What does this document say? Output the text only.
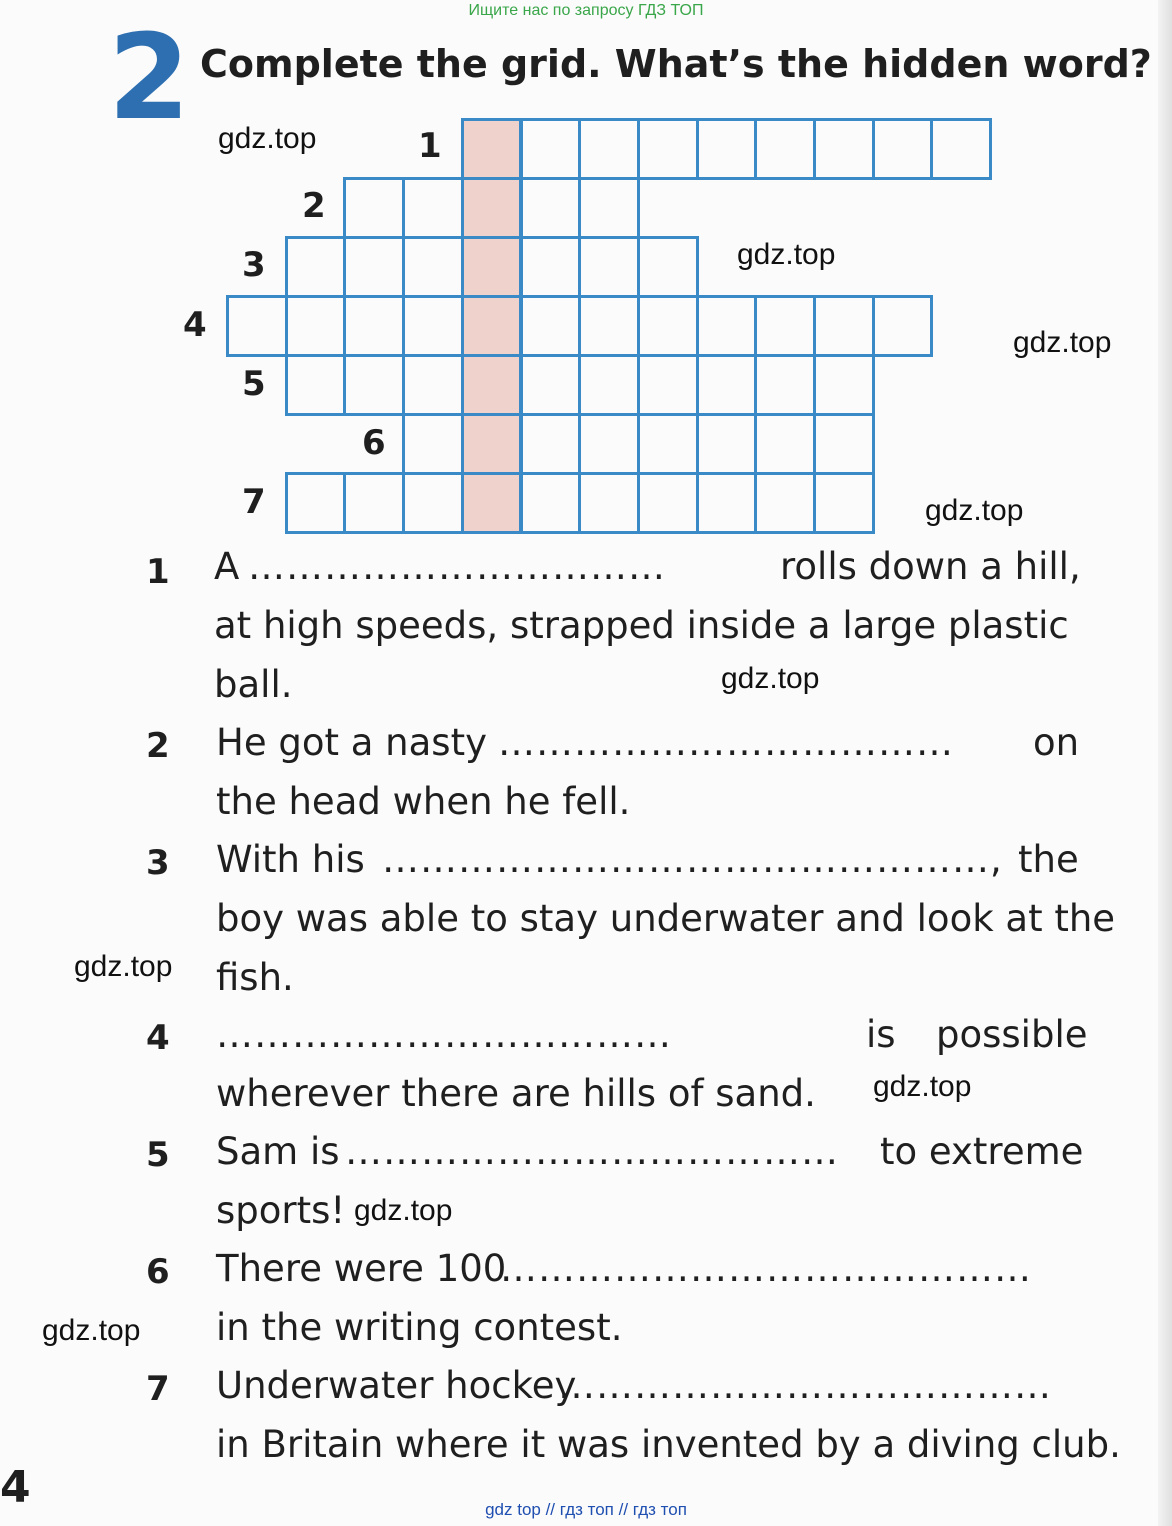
Ищите нас по запросу ГДЗ ТОП
2 Complete the grid. What’s the hidden word?
1
2
3
4
5
6
7
gdz.top
gdz.top
gdz.top
gdz.top
gdz.top
gdz.top
gdz.top
gdz.top
gdz.top
1 A ……………………………	rolls down a hill,
at high speeds, strapped inside a large plastic
ball.
2 He got a nasty ……………………………… on
the head when he fell.
3 With his …………………………………………, the
boy was able to stay underwater and look at the
fish.
4 ………………………………	is possible
wherever there are hills of sand.
5 Sam is ………………………………… to extreme
sports!
6 There were 100
……………………………………
in the writing contest.
7 Underwater hockey
…………………………………
in Britain where it was invented by a diving club.
4	gdz top // гдз топ // гдз топ
